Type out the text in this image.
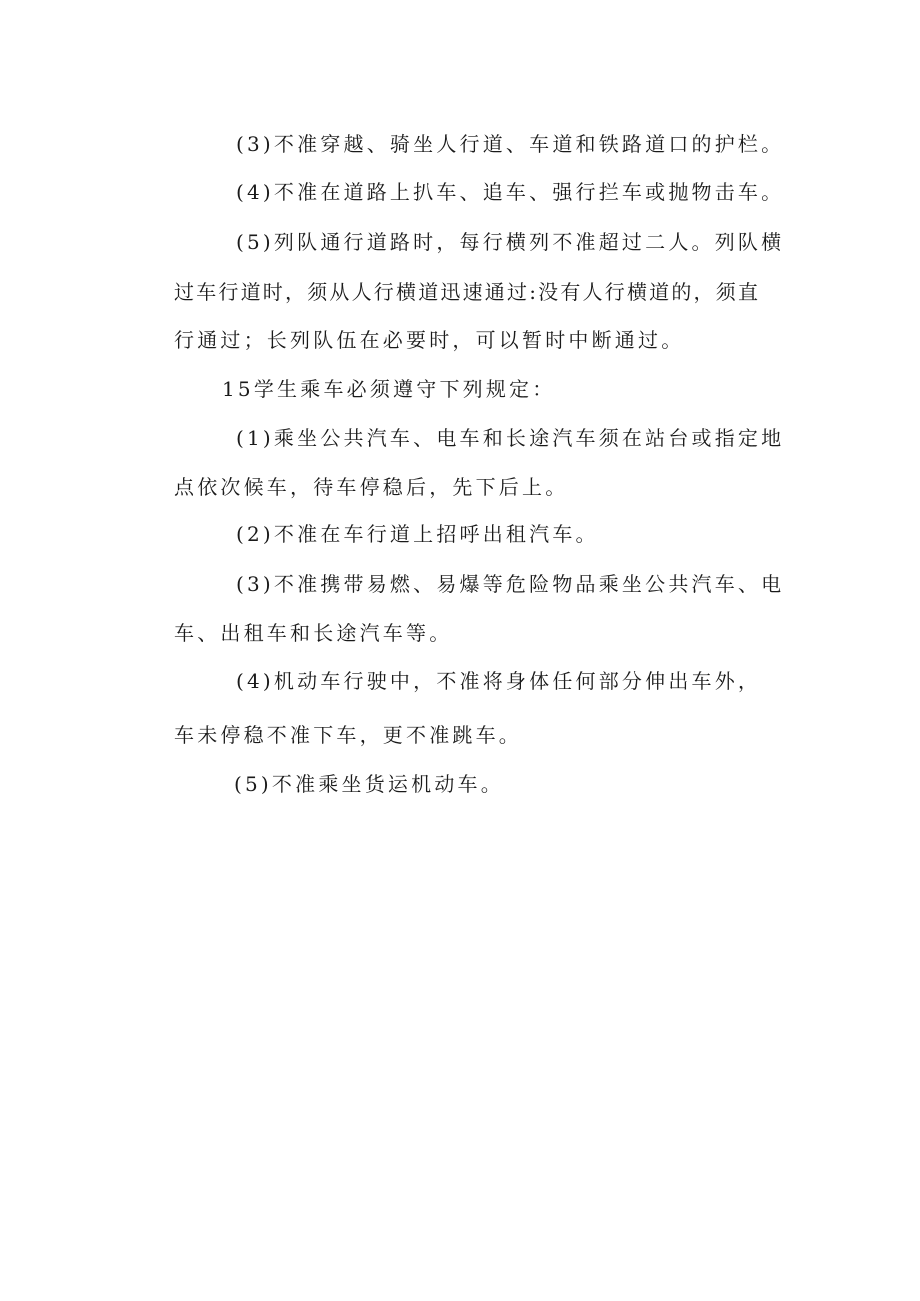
(3)不准穿越、骑坐人行道、车道和铁路道口的护栏。
(4)不准在道路上扒车、追车、强行拦车或抛物击车。
(5)列队通行道路时，每行横列不准超过二人。列队横
过车行道时，须从人行横道迅速通过:没有人行横道的，须直
行通过；长列队伍在必要时，可以暂时中断通过。
15学生乘车必须遵守下列规定：
(1)乘坐公共汽车、电车和长途汽车须在站台或指定地
点依次候车，待车停稳后，先下后上。
(2)不准在车行道上招呼出租汽车。
(3)不准携带易燃、易爆等危险物品乘坐公共汽车、电
车、出租车和长途汽车等。
(4)机动车行驶中，不准将身体任何部分伸出车外，
车未停稳不准下车，更不准跳车。
(5)不准乘坐货运机动车。
